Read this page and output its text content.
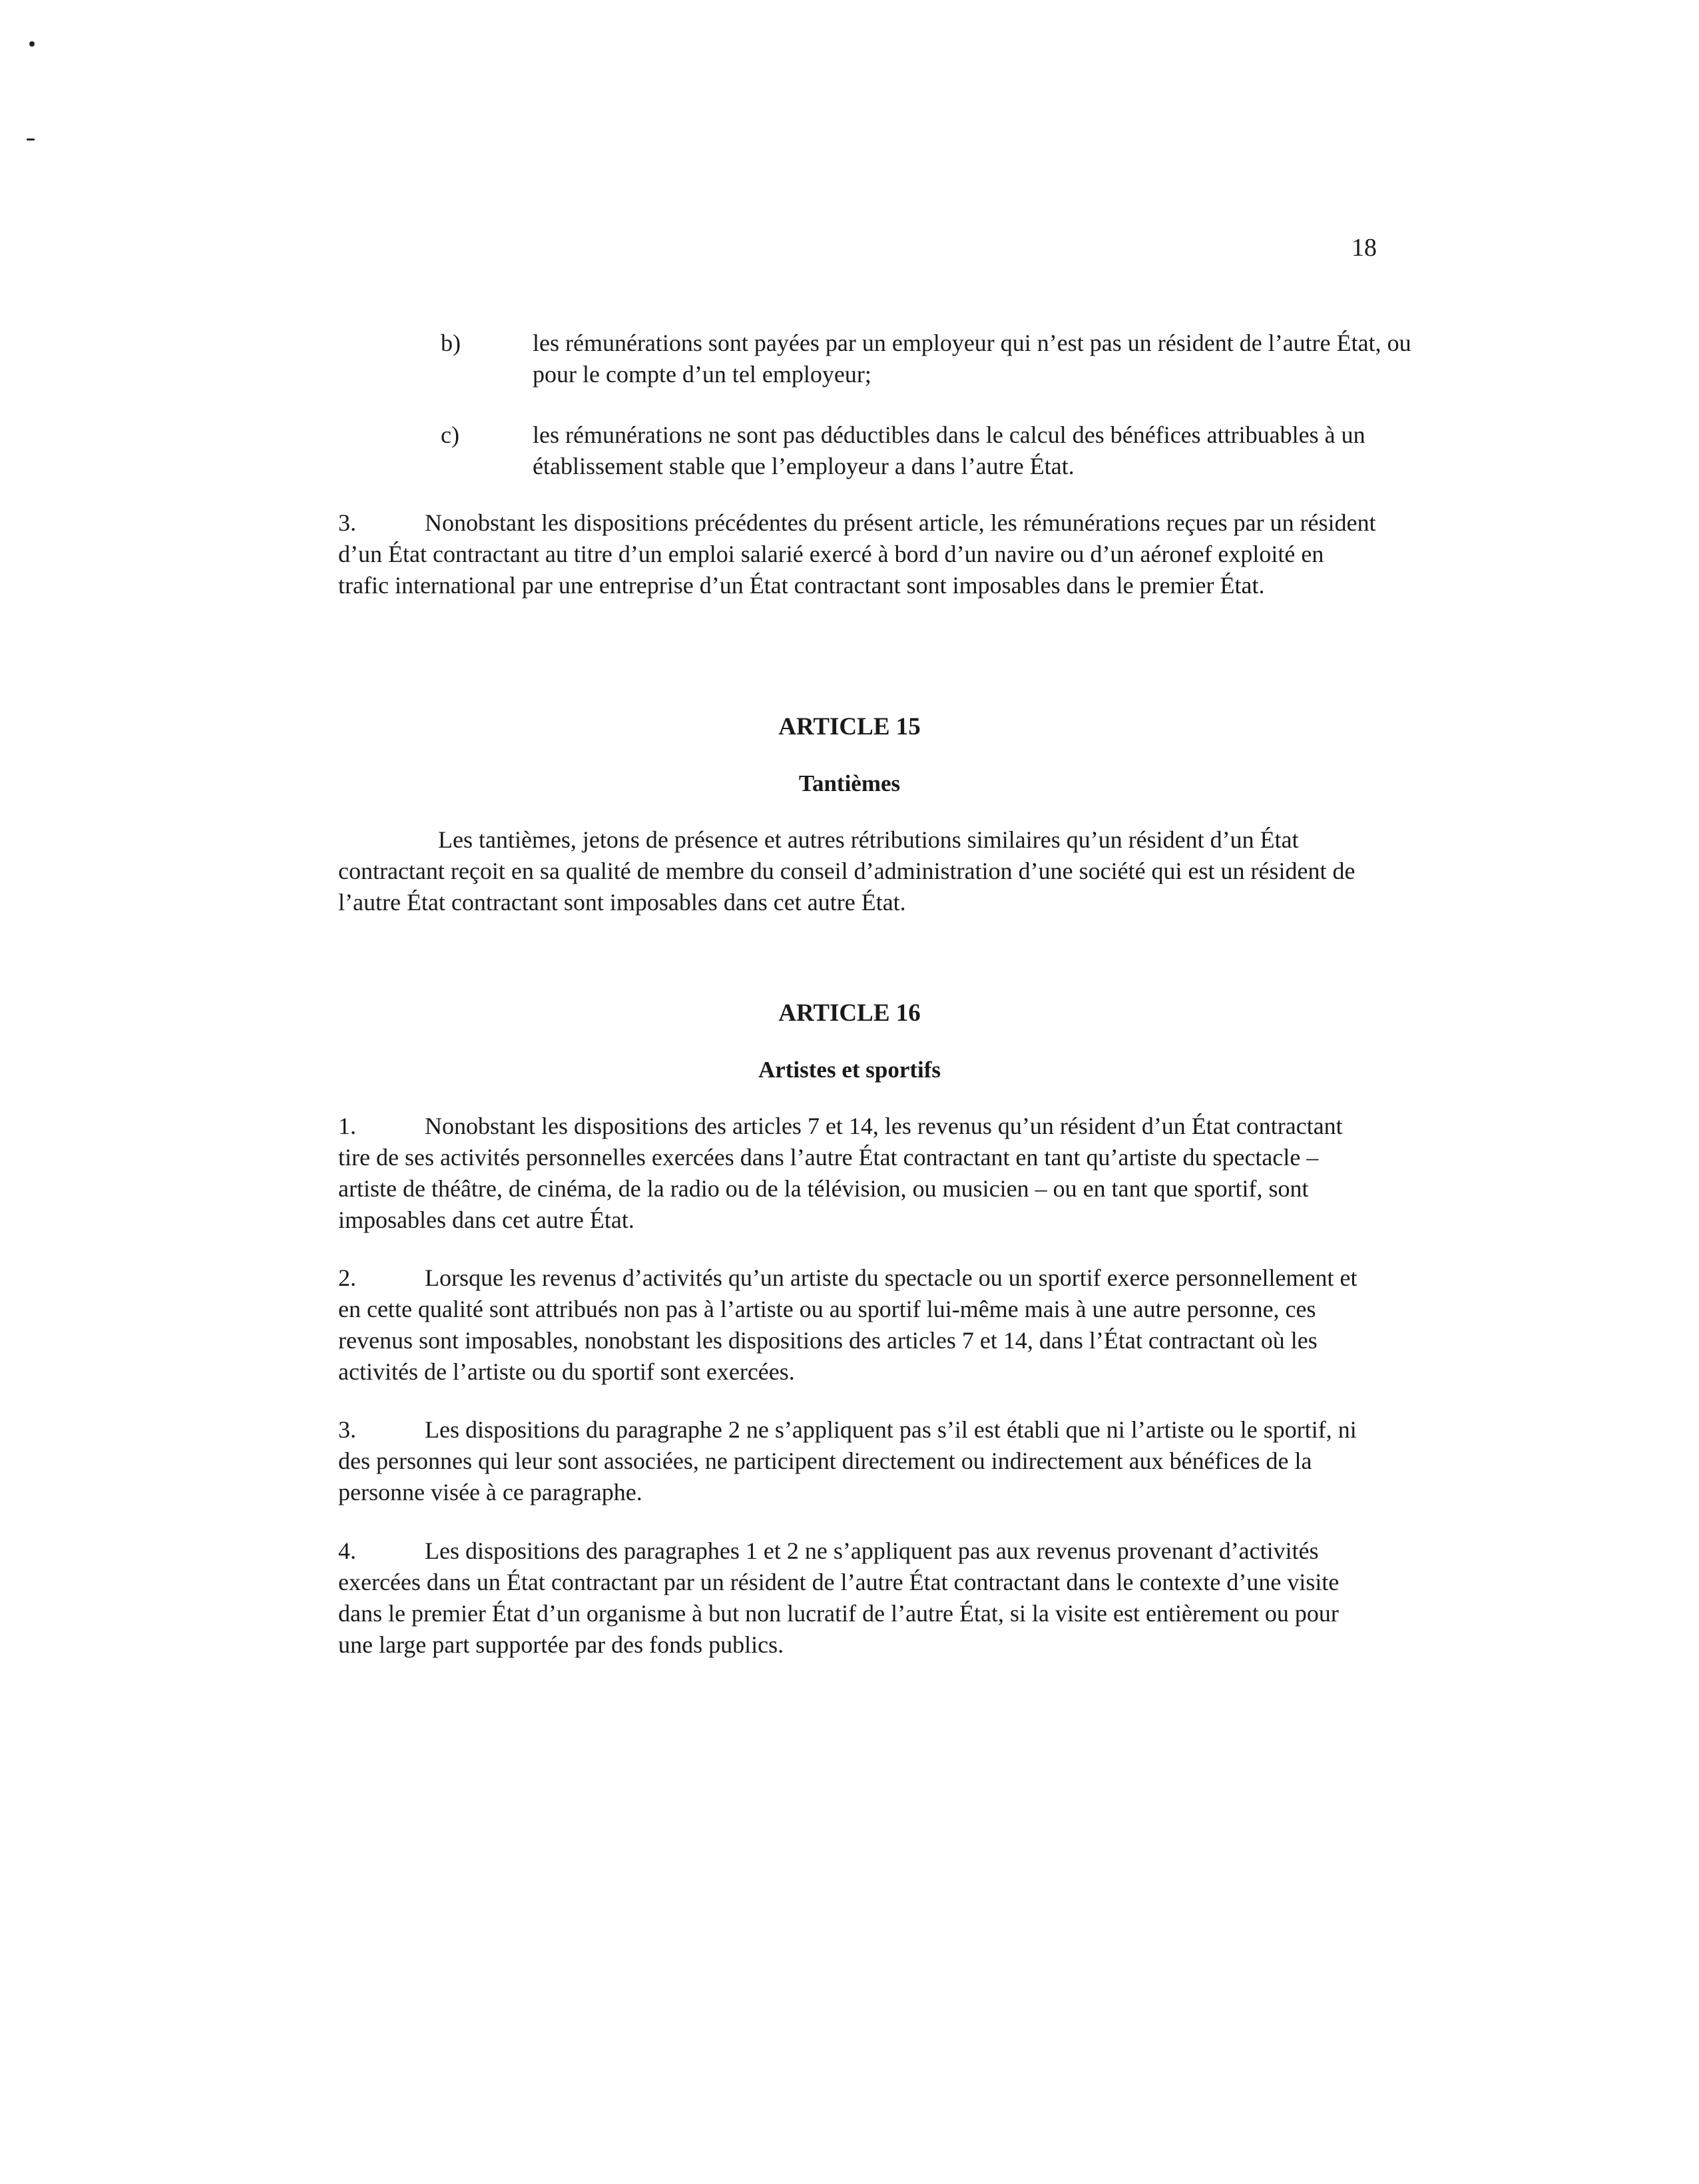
18
b)	les rémunérations sont payées par un employeur qui n’est pas un résident de l’autre État, ou pour le compte d’un tel employeur;
c)	les rémunérations ne sont pas déductibles dans le calcul des bénéfices attribuables à un établissement stable que l’employeur a dans l’autre État.

3.	Nonobstant les dispositions précédentes du présent article, les rémunérations reçues par un résident d’un État contractant au titre d’un emploi salarié exercé à bord d’un navire ou d’un aéronef exploité en trafic international par une entreprise d’un État contractant sont imposables dans le premier État.

ARTICLE 15
Tantièmes

Les tantièmes, jetons de présence et autres rétributions similaires qu’un résident d’un État contractant reçoit en sa qualité de membre du conseil d’administration d’une société qui est un résident de l’autre État contractant sont imposables dans cet autre État.

ARTICLE 16
Artistes et sportifs

1.	Nonobstant les dispositions des articles 7 et 14, les revenus qu’un résident d’un État contractant tire de ses activités personnelles exercées dans l’autre État contractant en tant qu’artiste du spectacle – artiste de théâtre, de cinéma, de la radio ou de la télévision, ou musicien – ou en tant que sportif, sont imposables dans cet autre État.

2.	Lorsque les revenus d’activités qu’un artiste du spectacle ou un sportif exerce personnellement et en cette qualité sont attribués non pas à l’artiste ou au sportif lui-même mais à une autre personne, ces revenus sont imposables, nonobstant les dispositions des articles 7 et 14, dans l’État contractant où les activités de l’artiste ou du sportif sont exercées.

3.	Les dispositions du paragraphe 2 ne s’appliquent pas s’il est établi que ni l’artiste ou le sportif, ni des personnes qui leur sont associées, ne participent directement ou indirectement aux bénéfices de la personne visée à ce paragraphe.

4.	Les dispositions des paragraphes 1 et 2 ne s’appliquent pas aux revenus provenant d’activités exercées dans un État contractant par un résident de l’autre État contractant dans le contexte d’une visite dans le premier État d’un organisme à but non lucratif de l’autre État, si la visite est entièrement ou pour une large part supportée par des fonds publics.
